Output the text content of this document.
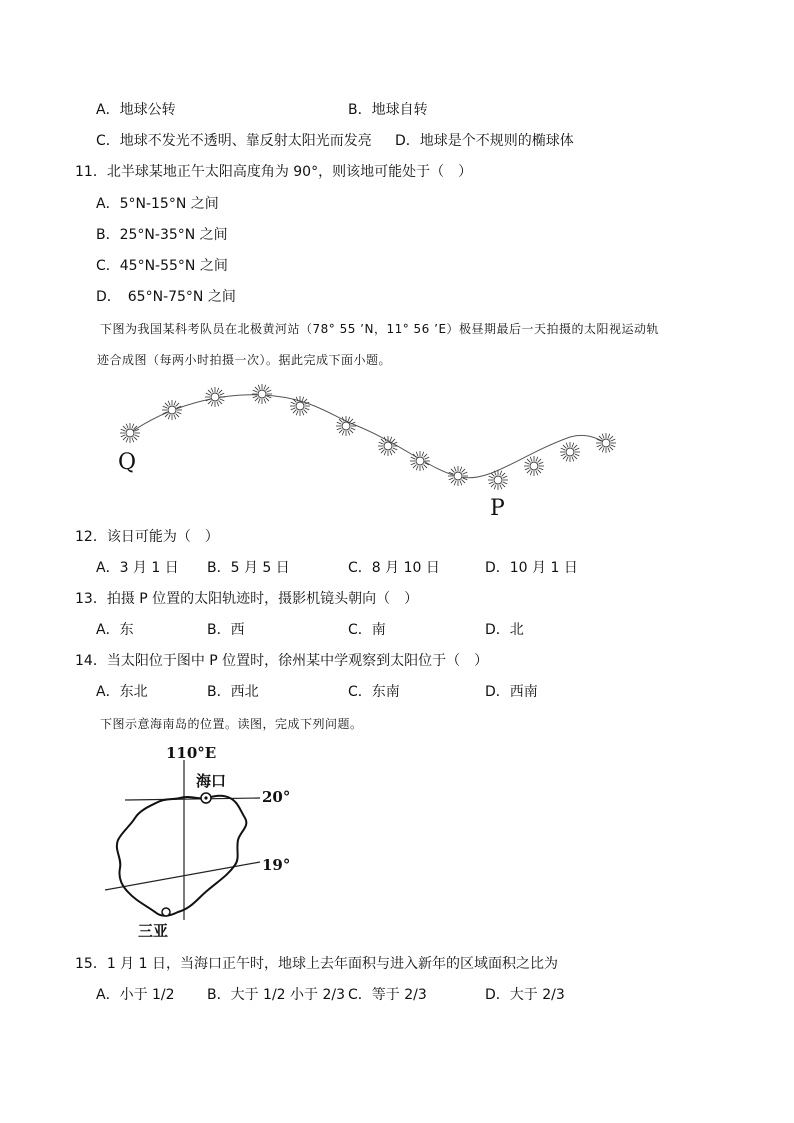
A．地球公转	B．地球自转
C．地球不发光不透明、靠反射太阳光而发亮 D．地球是个不规则的椭球体
11．北半球某地正午太阳高度角为 90°，则该地可能处于（　）
A．5°N-15°N 之间
B．25°N-35°N 之间
C．45°N-55°N 之间
D．　65°N-75°N 之间
下图为我国某科考队员在北极黄河站（78° 55 ’N，11° 56 ’E）极昼期最后一天拍摄的太阳视运动轨
迹合成图（每两小时拍摄一次）。据此完成下面小题。
Q
P
12．该日可能为（　）
A．3 月 1 日 B．5 月 5 日	C．8 月 10 日	D．10 月 1 日
13．拍摄 P 位置的太阳轨迹时，摄影机镜头朝向（　）
A．东	B．西	C．南	D．北
14．当太阳位于图中 P 位置时，徐州某中学观察到太阳位于（　）
A．东北	B．西北	C．东南	D．西南
下图示意海南岛的位置。读图，完成下列问题。
110°E
20°
19°
海口
三亚
15．1 月 1 日，当海口正午时，地球上去年面积与进入新年的区域面积之比为
A．小于 1/2 B．大于 1/2 小于 2/3 C．等于 2/3	D．大于 2/3
